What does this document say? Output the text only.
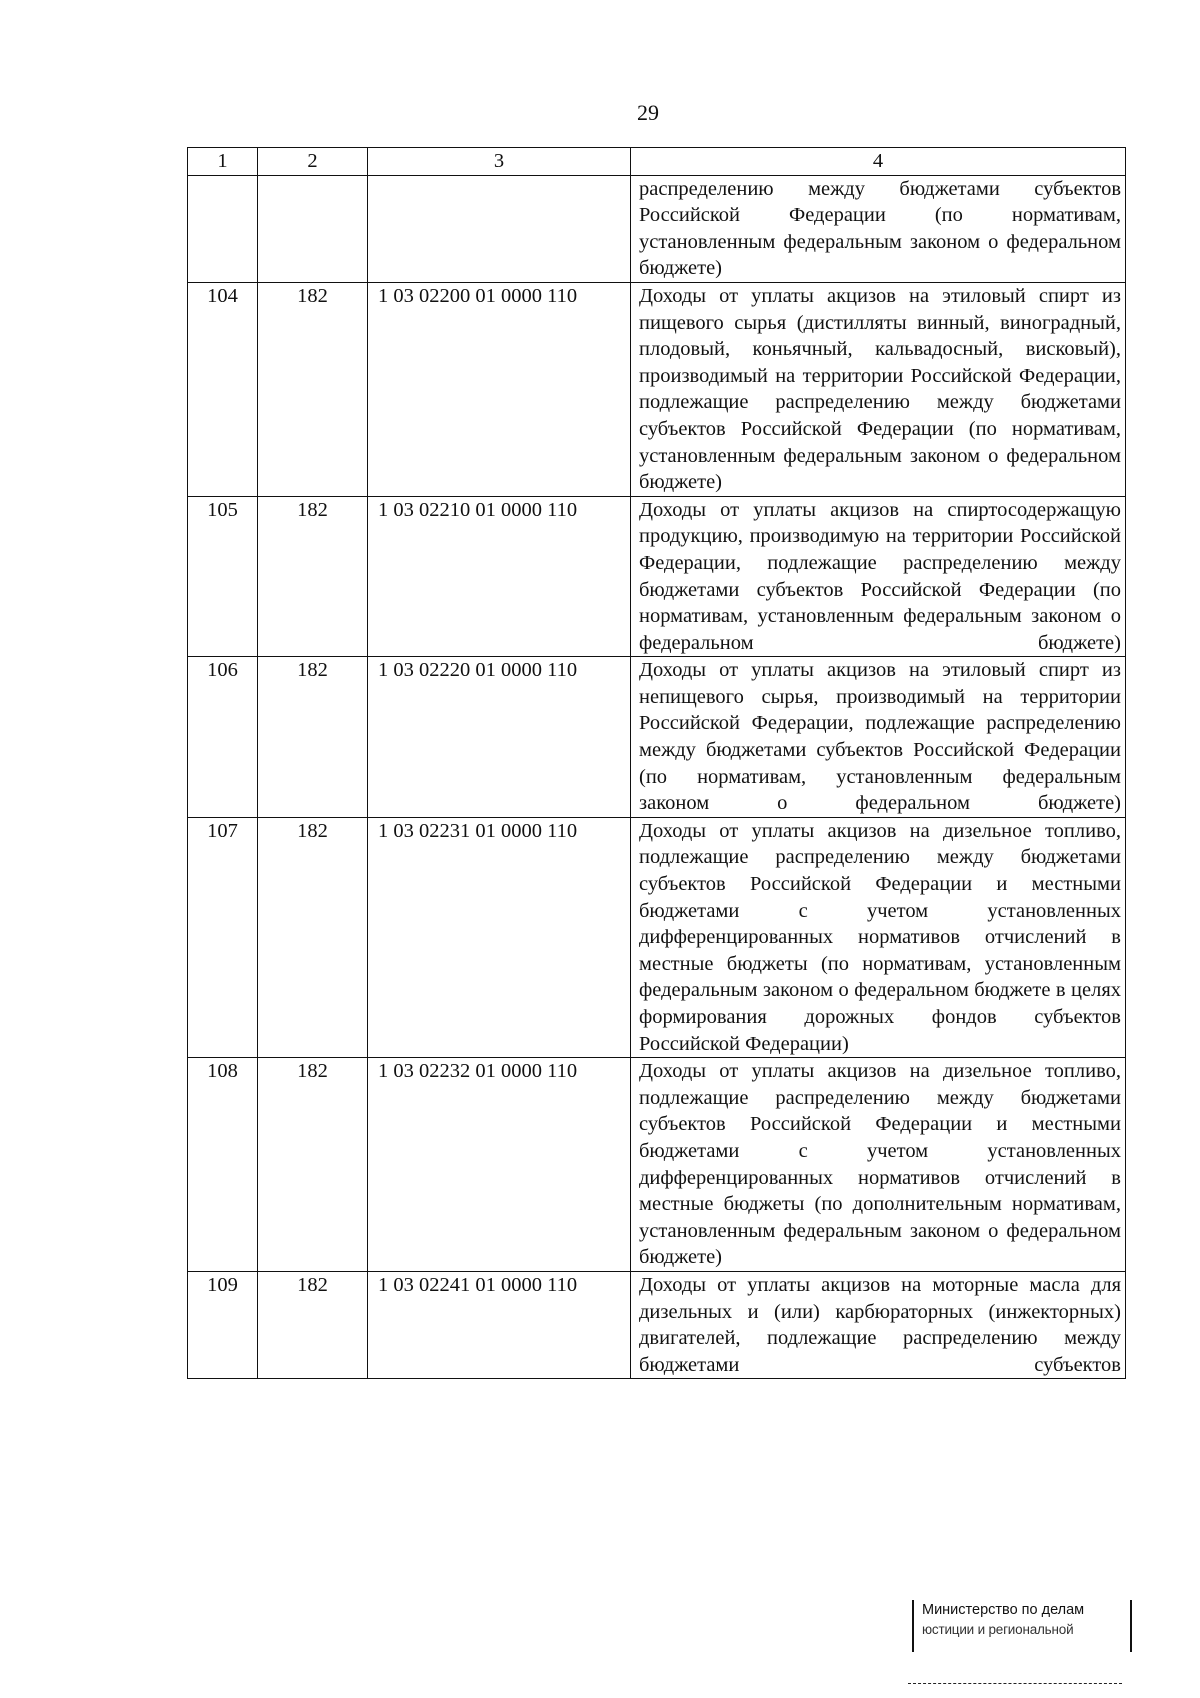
29
1	2	3	4
			распределению между бюджетами субъектов Российской Федерации (по нормативам, установленным федеральным законом о федеральном бюджете)
104	182	1 03 02200 01 0000 110	Доходы от уплаты акцизов на этиловый спирт из пищевого сырья (дистилляты винный, виноградный, плодовый, коньячный, кальвадосный, висковый), производимый на территории Российской Федерации, подлежащие распределению между бюджетами субъектов Российской Федерации (по нормативам, установленным федеральным законом о федеральном бюджете)
105	182	1 03 02210 01 0000 110	Доходы от уплаты акцизов на спиртосодержащую продукцию, производимую на территории Российской Федерации, подлежащие распределению между бюджетами субъектов Российской Федерации (по нормативам, установленным федеральным законом о федеральном бюджете)
106	182	1 03 02220 01 0000 110	Доходы от уплаты акцизов на этиловый спирт из непищевого сырья, производимый на территории Российской Федерации, подлежащие распределению между бюджетами субъектов Российской Федерации (по нормативам, установленным федеральным законом о федеральном бюджете)
107	182	1 03 02231 01 0000 110	Доходы от уплаты акцизов на дизельное топливо, подлежащие распределению между бюджетами субъектов Российской Федерации и местными бюджетами с учетом установленных дифференцированных нормативов отчислений в местные бюджеты (по нормативам, установленным федеральным законом о федеральном бюджете в целях формирования дорожных фондов субъектов Российской Федерации)
108	182	1 03 02232 01 0000 110	Доходы от уплаты акцизов на дизельное топливо, подлежащие распределению между бюджетами субъектов Российской Федерации и местными бюджетами с учетом установленных дифференцированных нормативов отчислений в местные бюджеты (по дополнительным нормативам, установленным федеральным законом о федеральном бюджете)
109	182	1 03 02241 01 0000 110	Доходы от уплаты акцизов на моторные масла для дизельных и (или) карбюраторных (инжекторных) двигателей, подлежащие распределению между бюджетами субъектов
Министерство по делам
юстиции и региональной
